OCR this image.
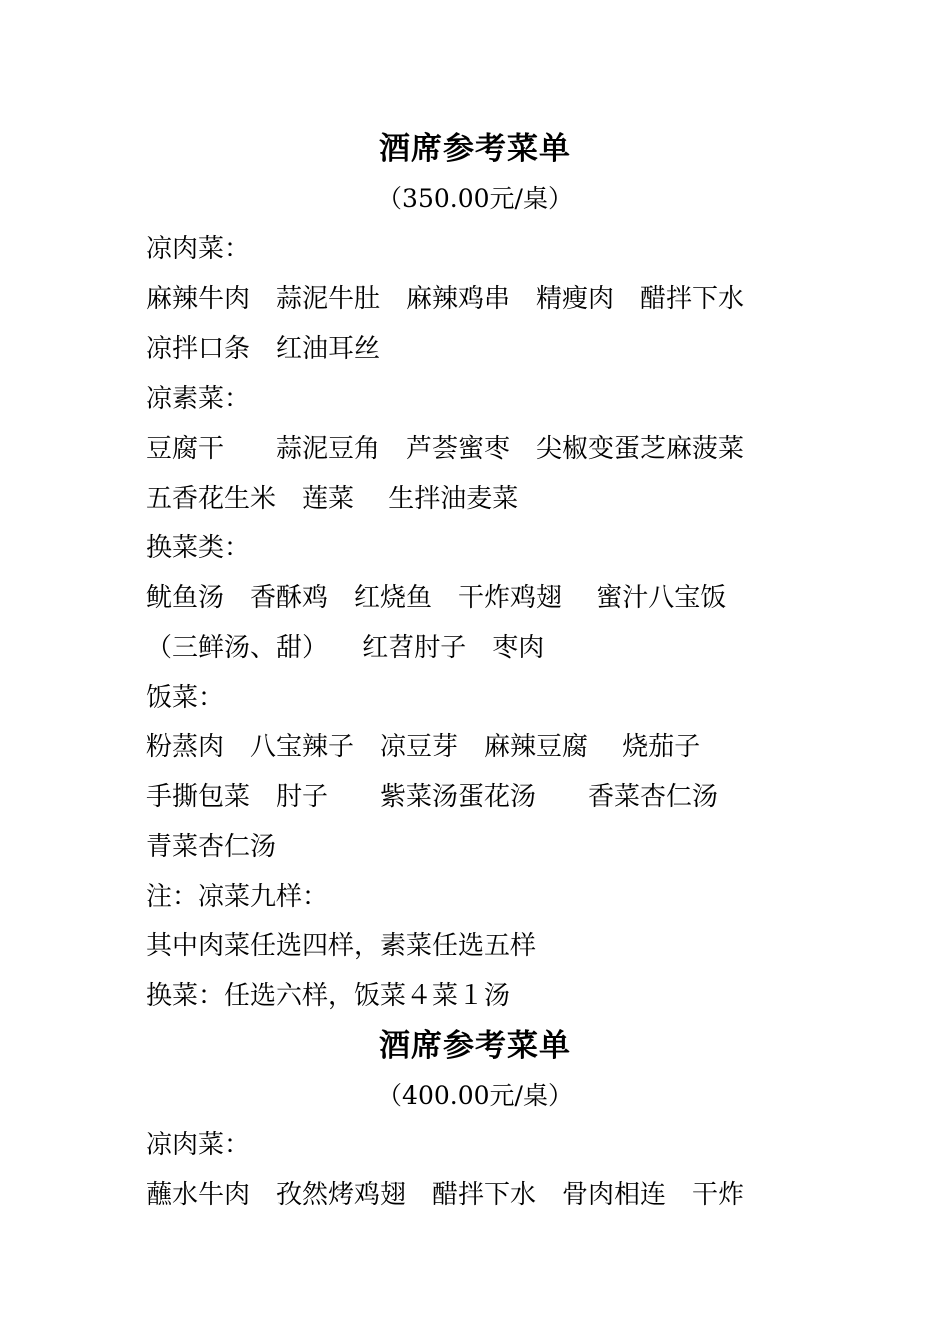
酒席参考菜单
（350.00元/桌）
凉肉菜：
麻辣牛肉　蒜泥牛肚　麻辣鸡串　精瘦肉　醋拌下水
凉拌口条　红油耳丝
凉素菜：
豆腐干　　蒜泥豆角　芦荟蜜枣　尖椒变蛋芝麻菠菜
五香花生米　莲菜　 生拌油麦菜
换菜类：
鱿鱼汤　香酥鸡　红烧鱼　干炸鸡翅 　蜜汁八宝饭
（三鲜汤、甜） 　红苕肘子　枣肉
饭菜：
粉蒸肉　八宝辣子　凉豆芽　麻辣豆腐 　烧茄子
手撕包菜　肘子　　紫菜汤蛋花汤　　香菜杏仁汤
青菜杏仁汤
注：凉菜九样：
其中肉菜任选四样，素菜任选五样
换菜：任选六样，饭菜４菜１汤
酒席参考菜单
（400.00元/桌）
凉肉菜：
蘸水牛肉　孜然烤鸡翅　醋拌下水　骨肉相连　干炸
